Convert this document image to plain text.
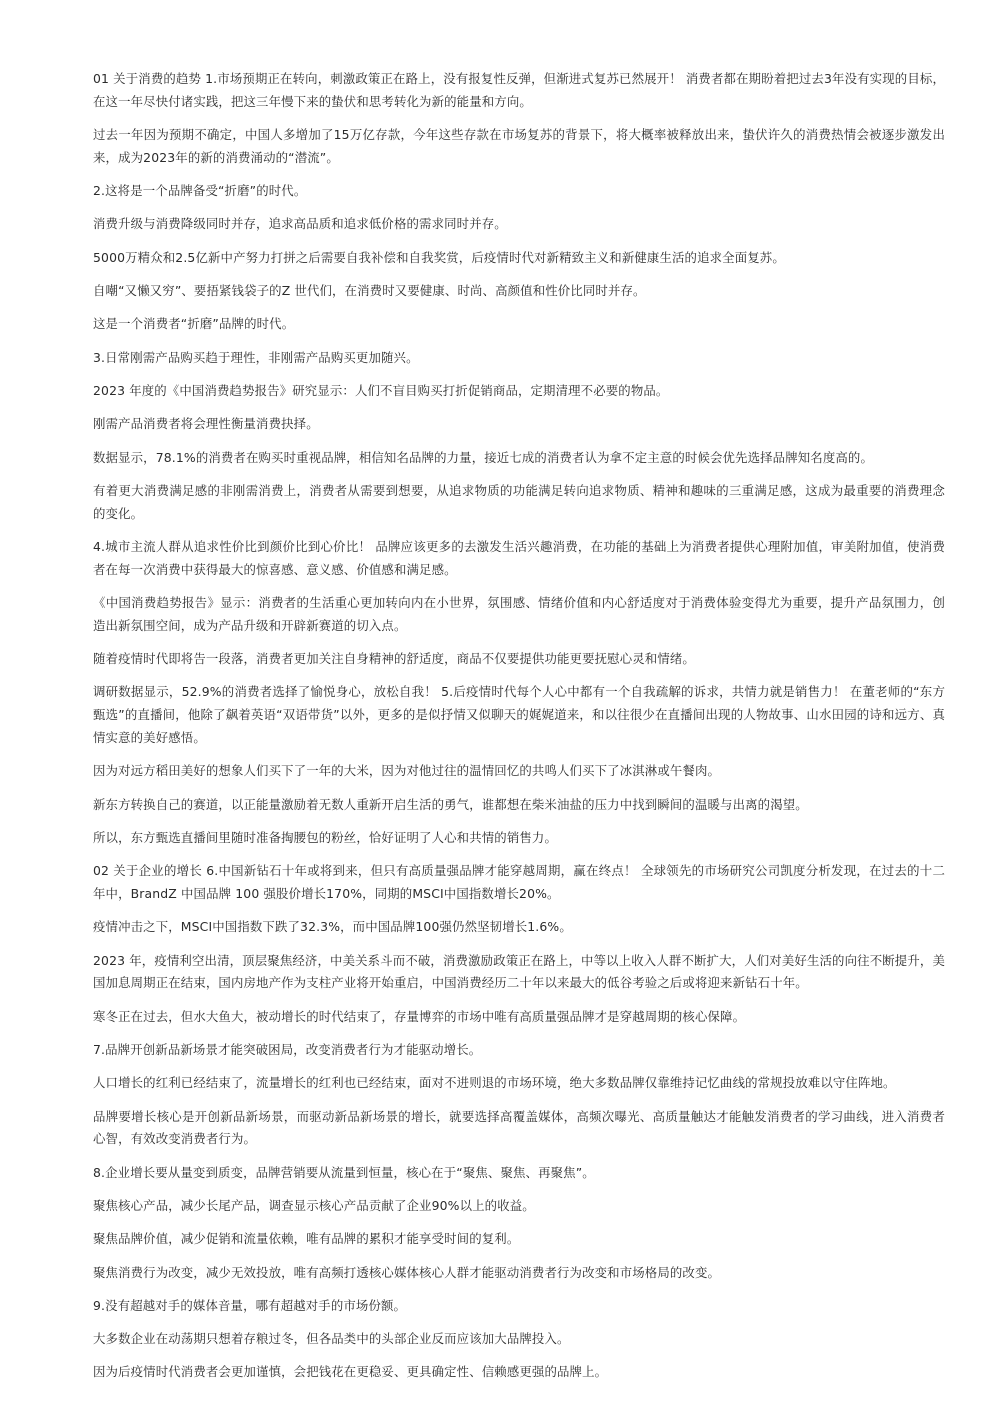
01 关于消费的趋势 1.市场预期正在转向，刺激政策正在路上，没有报复性反弹，但渐进式复苏已然展开！ 消费者都在期盼着把过去3年没有实现的目标，在这一年尽快付诸实践，把这三年慢下来的蛰伏和思考转化为新的能量和方向。

过去一年因为预期不确定，中国人多增加了15万亿存款，今年这些存款在市场复苏的背景下，将大概率被释放出来，蛰伏许久的消费热情会被逐步激发出来，成为2023年的新的消费涌动的“潜流”。

2.这将是一个品牌备受“折磨”的时代。

消费升级与消费降级同时并存，追求高品质和追求低价格的需求同时并存。

5000万精众和2.5亿新中产努力打拼之后需要自我补偿和自我奖赏，后疫情时代对新精致主义和新健康生活的追求全面复苏。

自嘲“又懒又穷”、要捂紧钱袋子的Z 世代们，在消费时又要健康、时尚、高颜值和性价比同时并存。

这是一个消费者“折磨”品牌的时代。

3.日常刚需产品购买趋于理性，非刚需产品购买更加随兴。

2023 年度的《中国消费趋势报告》研究显示：人们不盲目购买打折促销商品，定期清理不必要的物品。

刚需产品消费者将会理性衡量消费抉择。

数据显示，78.1%的消费者在购买时重视品牌，相信知名品牌的力量，接近七成的消费者认为拿不定主意的时候会优先选择品牌知名度高的。

有着更大消费满足感的非刚需消费上，消费者从需要到想要，从追求物质的功能满足转向追求物质、精神和趣味的三重满足感，这成为最重要的消费理念的变化。

4.城市主流人群从追求性价比到颜价比到心价比！ 品牌应该更多的去激发生活兴趣消费，在功能的基础上为消费者提供心理附加值，审美附加值，使消费者在每一次消费中获得最大的惊喜感、意义感、价值感和满足感。

《中国消费趋势报告》显示：消费者的生活重心更加转向内在小世界，氛围感、情绪价值和内心舒适度对于消费体验变得尤为重要，提升产品氛围力，创造出新氛围空间，成为产品升级和开辟新赛道的切入点。

随着疫情时代即将告一段落，消费者更加关注自身精神的舒适度，商品不仅要提供功能更要抚慰心灵和情绪。

调研数据显示，52.9%的消费者选择了愉悦身心，放松自我！ 5.后疫情时代每个人心中都有一个自我疏解的诉求，共情力就是销售力！ 在董老师的“东方甄选”的直播间，他除了飙着英语“双语带货”以外，更多的是似抒情又似聊天的娓娓道来，和以往很少在直播间出现的人物故事、山水田园的诗和远方、真情实意的美好感悟。

因为对远方稻田美好的想象人们买下了一年的大米，因为对他过往的温情回忆的共鸣人们买下了冰淇淋或午餐肉。

新东方转换自己的赛道，以正能量激励着无数人重新开启生活的勇气，谁都想在柴米油盐的压力中找到瞬间的温暖与出离的渴望。

所以，东方甄选直播间里随时准备掏腰包的粉丝，恰好证明了人心和共情的销售力。

02 关于企业的增长 6.中国新钻石十年或将到来，但只有高质量强品牌才能穿越周期，赢在终点！ 全球领先的市场研究公司凯度分析发现，在过去的十二年中，BrandZ 中国品牌 100 强股价增长170%，同期的MSCI中国指数增长20%。

疫情冲击之下，MSCI中国指数下跌了32.3%，而中国品牌100强仍然坚韧增长1.6%。

2023 年，疫情利空出清，顶层聚焦经济，中美关系斗而不破，消费激励政策正在路上，中等以上收入人群不断扩大，人们对美好生活的向往不断提升，美国加息周期正在结束，国内房地产作为支柱产业将开始重启，中国消费经历二十年以来最大的低谷考验之后或将迎来新钻石十年。

寒冬正在过去，但水大鱼大，被动增长的时代结束了，存量博弈的市场中唯有高质量强品牌才是穿越周期的核心保障。

7.品牌开创新品新场景才能突破困局，改变消费者行为才能驱动增长。

人口增长的红利已经结束了，流量增长的红利也已经结束，面对不进则退的市场环境，绝大多数品牌仅靠维持记忆曲线的常规投放难以守住阵地。

品牌要增长核心是开创新品新场景，而驱动新品新场景的增长，就要选择高覆盖媒体，高频次曝光、高质量触达才能触发消费者的学习曲线，进入消费者心智，有效改变消费者行为。

8.企业增长要从量变到质变，品牌营销要从流量到恒量，核心在于“聚焦、聚焦、再聚焦”。

聚焦核心产品，减少长尾产品，调查显示核心产品贡献了企业90%以上的收益。

聚焦品牌价值，减少促销和流量依赖，唯有品牌的累积才能享受时间的复利。

聚焦消费行为改变，减少无效投放，唯有高频打透核心媒体核心人群才能驱动消费者行为改变和市场格局的改变。

9.没有超越对手的媒体音量，哪有超越对手的市场份额。

大多数企业在动荡期只想着存粮过冬，但各品类中的头部企业反而应该加大品牌投入。

因为后疫情时代消费者会更加谨慎，会把钱花在更稳妥、更具确定性、信赖感更强的品牌上。
